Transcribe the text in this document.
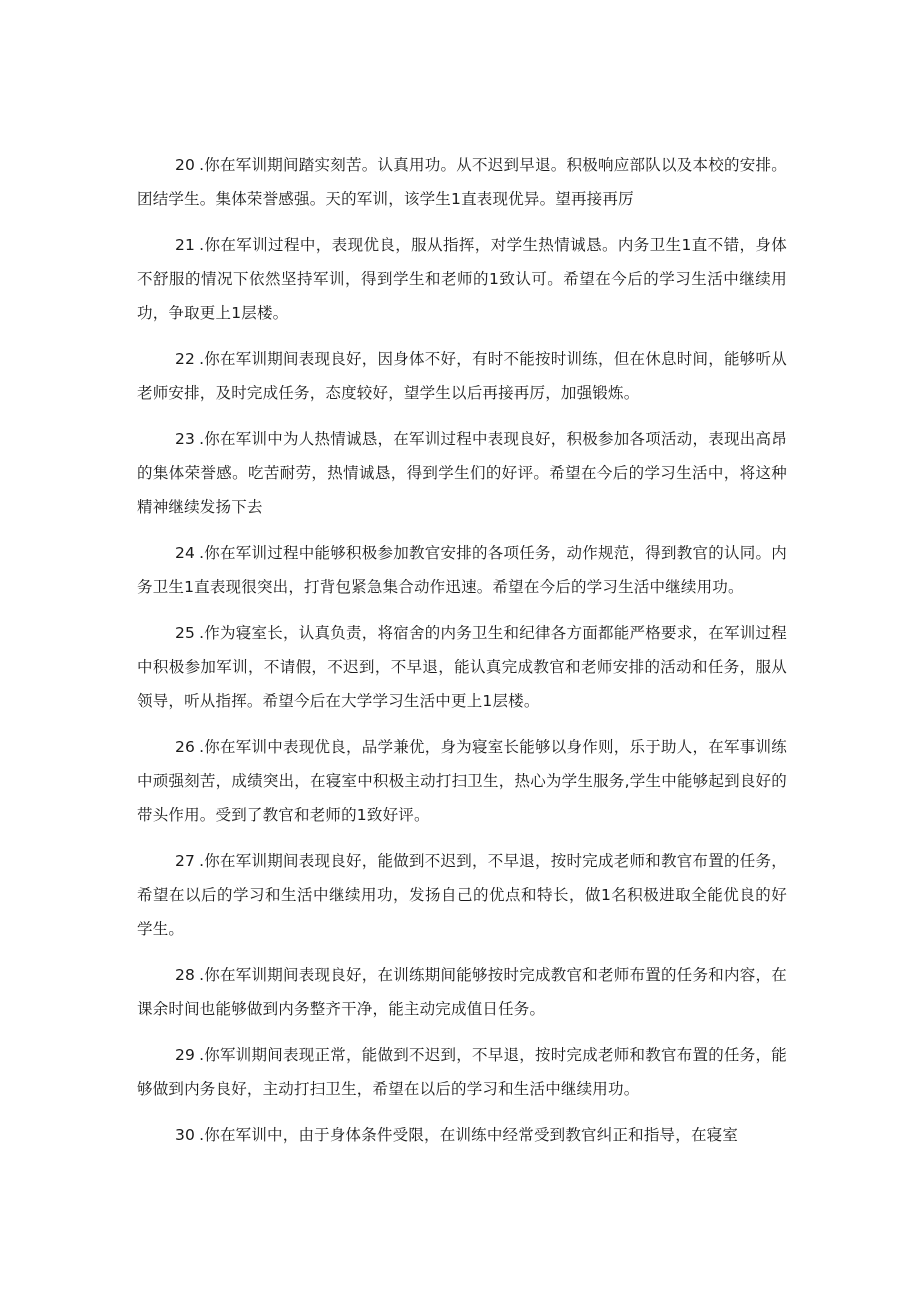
20 .你在军训期间踏实刻苦。认真用功。从不迟到早退。积极响应部队以及本校的安排。团结学生。集体荣誉感强。天的军训，该学生1直表现优异。望再接再厉

21 .你在军训过程中，表现优良，服从指挥，对学生热情诚恳。内务卫生1直不错，身体不舒服的情况下依然坚持军训，得到学生和老师的1致认可。希望在今后的学习生活中继续用功，争取更上1层楼。

22 .你在军训期间表现良好，因身体不好，有时不能按时训练，但在休息时间，能够听从老师安排，及时完成任务，态度较好，望学生以后再接再厉，加强锻炼。

23 .你在军训中为人热情诚恳，在军训过程中表现良好，积极参加各项活动，表现出高昂的集体荣誉感。吃苦耐劳，热情诚恳，得到学生们的好评。希望在今后的学习生活中，将这种精神继续发扬下去

24 .你在军训过程中能够积极参加教官安排的各项任务，动作规范，得到教官的认同。内务卫生1直表现很突出，打背包紧急集合动作迅速。希望在今后的学习生活中继续用功。

25 .作为寝室长，认真负责，将宿舍的内务卫生和纪律各方面都能严格要求，在军训过程中积极参加军训，不请假，不迟到，不早退，能认真完成教官和老师安排的活动和任务，服从领导，听从指挥。希望今后在大学学习生活中更上1层楼。

26 .你在军训中表现优良，品学兼优，身为寝室长能够以身作则，乐于助人，在军事训练中顽强刻苦，成绩突出，在寝室中积极主动打扫卫生，热心为学生服务,学生中能够起到良好的带头作用。受到了教官和老师的1致好评。

27 .你在军训期间表现良好，能做到不迟到，不早退，按时完成老师和教官布置的任务，希望在以后的学习和生活中继续用功，发扬自己的优点和特长，做1名积极进取全能优良的好学生。

28 .你在军训期间表现良好，在训练期间能够按时完成教官和老师布置的任务和内容，在课余时间也能够做到内务整齐干净，能主动完成值日任务。

29 .你军训期间表现正常，能做到不迟到，不早退，按时完成老师和教官布置的任务，能够做到内务良好，主动打扫卫生，希望在以后的学习和生活中继续用功。

30 .你在军训中，由于身体条件受限，在训练中经常受到教官纠正和指导，在寝室
